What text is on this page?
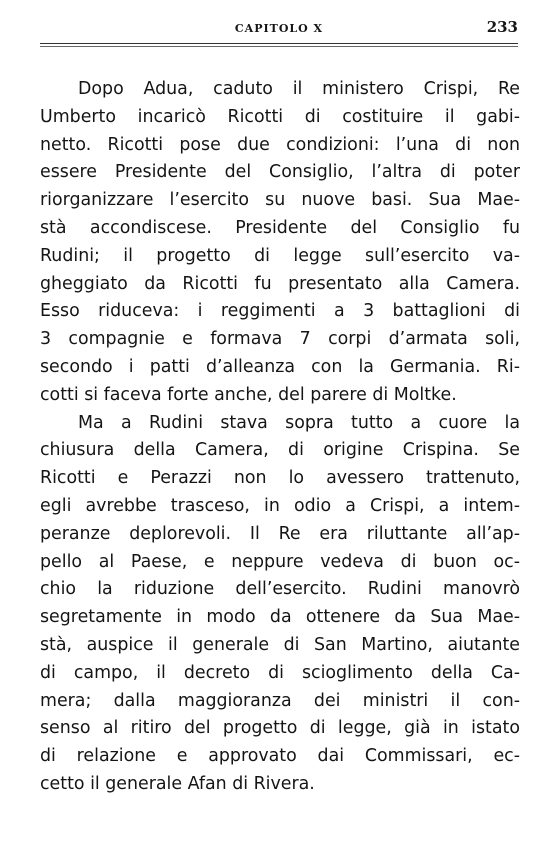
CAPITOLO X	233
Dopo Adua, caduto il ministero Crispi, Re
Umberto incaricò Ricotti di costituire il gabi-
netto. Ricotti pose due condizioni: l’una di non
essere Presidente del Consiglio, l’altra di poter
riorganizzare l’esercito su nuove basi. Sua Mae-
stà accondiscese. Presidente del Consiglio fu
Rudini; il progetto di legge sull’esercito va-
gheggiato da Ricotti fu presentato alla Camera.
Esso riduceva: i reggimenti a 3 battaglioni di
3 compagnie e formava 7 corpi d’armata soli,
secondo i patti d’alleanza con la Germania. Ri-
cotti si faceva forte anche, del parere di Moltke.
Ma a Rudini stava sopra tutto a cuore la
chiusura della Camera, di origine Crispina. Se
Ricotti e Perazzi non lo avessero trattenuto,
egli avrebbe trasceso, in odio a Crispi, a intem-
peranze deplorevoli. Il Re era riluttante all’ap-
pello al Paese, e neppure vedeva di buon oc-
chio la riduzione dell’esercito. Rudini manovrò
segretamente in modo da ottenere da Sua Mae-
stà, auspice il generale di San Martino, aiutante
di campo, il decreto di scioglimento della Ca-
mera; dalla maggioranza dei ministri il con-
senso al ritiro del progetto di legge, già in istato
di relazione e approvato dai Commissari, ec-
cetto il generale Afan di Rivera.
